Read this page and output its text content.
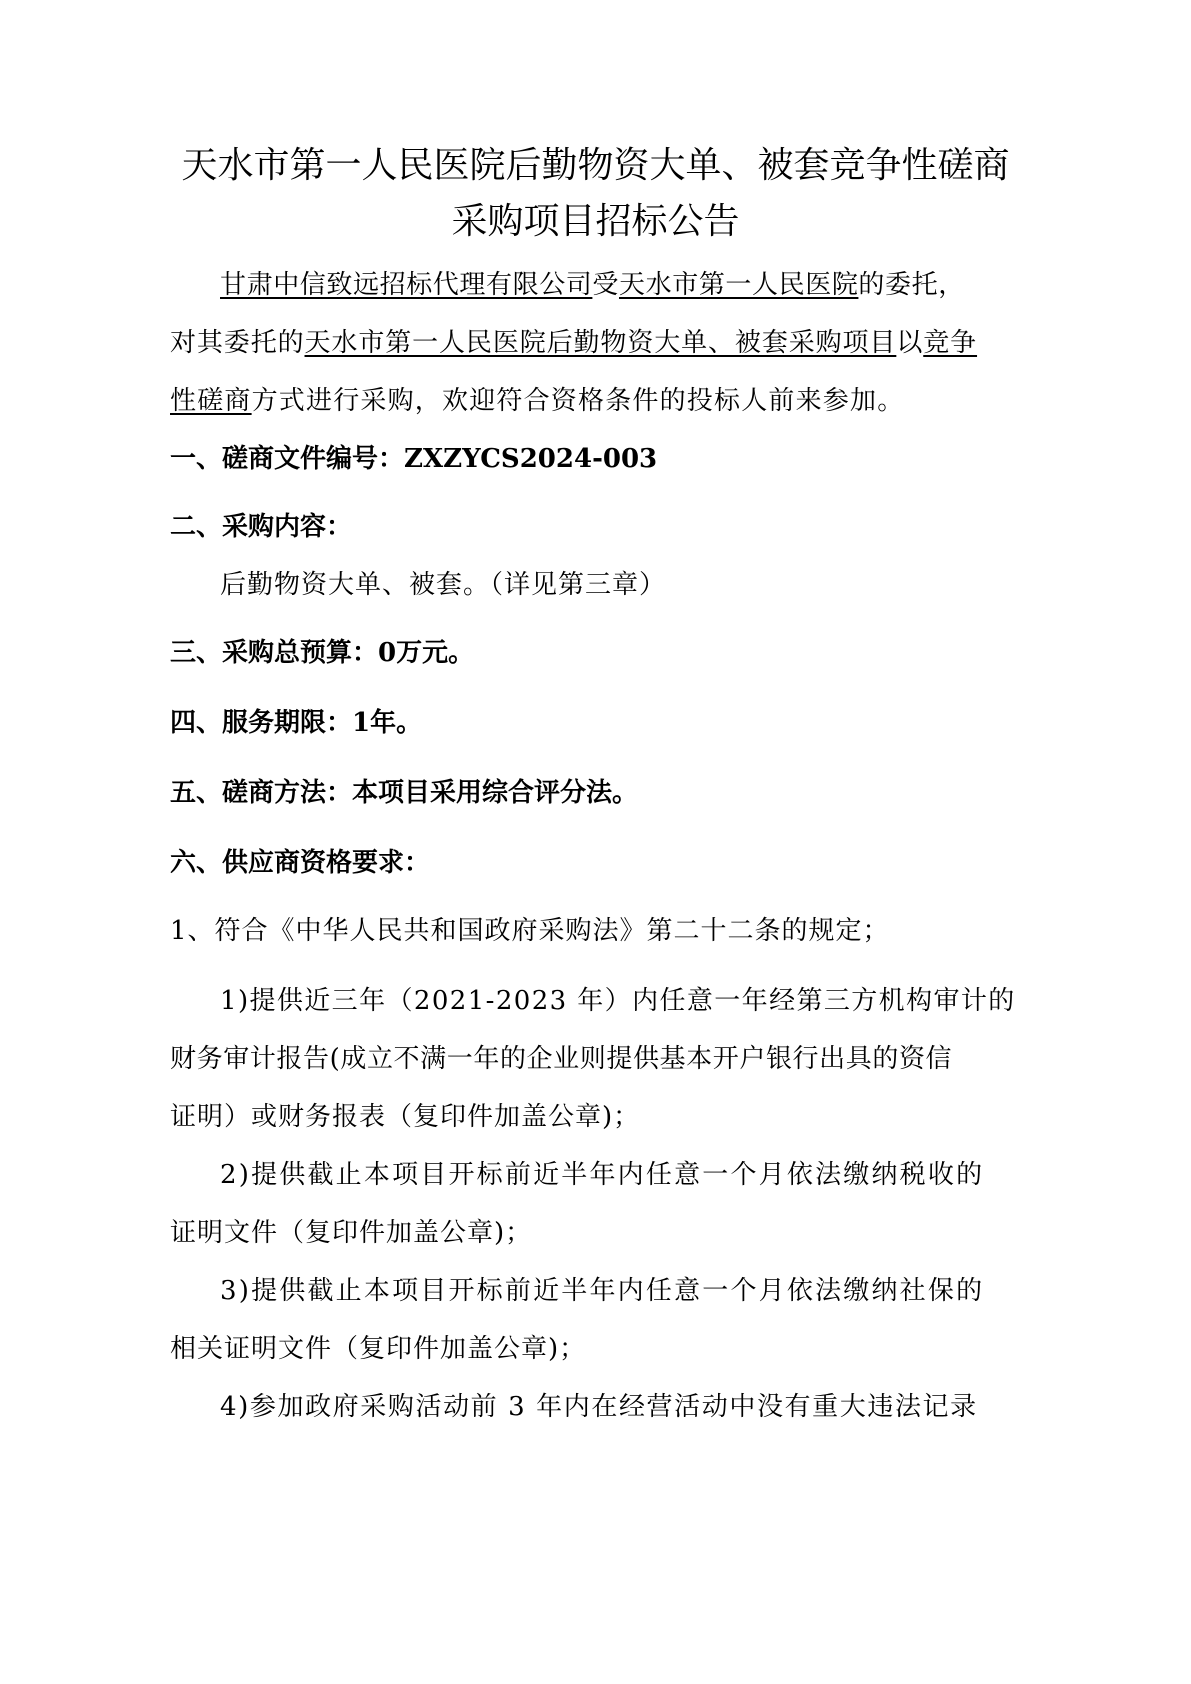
天水市第一人民医院后勤物资大单、被套竞争性磋商
采购项目招标公告
甘肃中信致远招标代理有限公司受天水市第一人民医院的委托，
对其委托的天水市第一人民医院后勤物资大单、被套采购项目以竞争
性磋商方式进行采购，欢迎符合资格条件的投标人前来参加。
一、磋商文件编号：ZXZYCS2024-003
二、采购内容：
后勤物资大单、被套。（详见第三章）
三、采购总预算：0万元。
四、服务期限：1年。
五、磋商方法：本项目采用综合评分法。
六、供应商资格要求：
1、符合《中华人民共和国政府采购法》第二十二条的规定；
1)提供近三年（2021-2023 年）内任意一年经第三方机构审计的
财务审计报告(成立不满一年的企业则提供基本开户银行出具的资信
证明）或财务报表（复印件加盖公章)；
2)提供截止本项目开标前近半年内任意一个月依法缴纳税收的
证明文件（复印件加盖公章)；
3)提供截止本项目开标前近半年内任意一个月依法缴纳社保的
相关证明文件（复印件加盖公章)；
4)参加政府采购活动前 3 年内在经营活动中没有重大违法记录
